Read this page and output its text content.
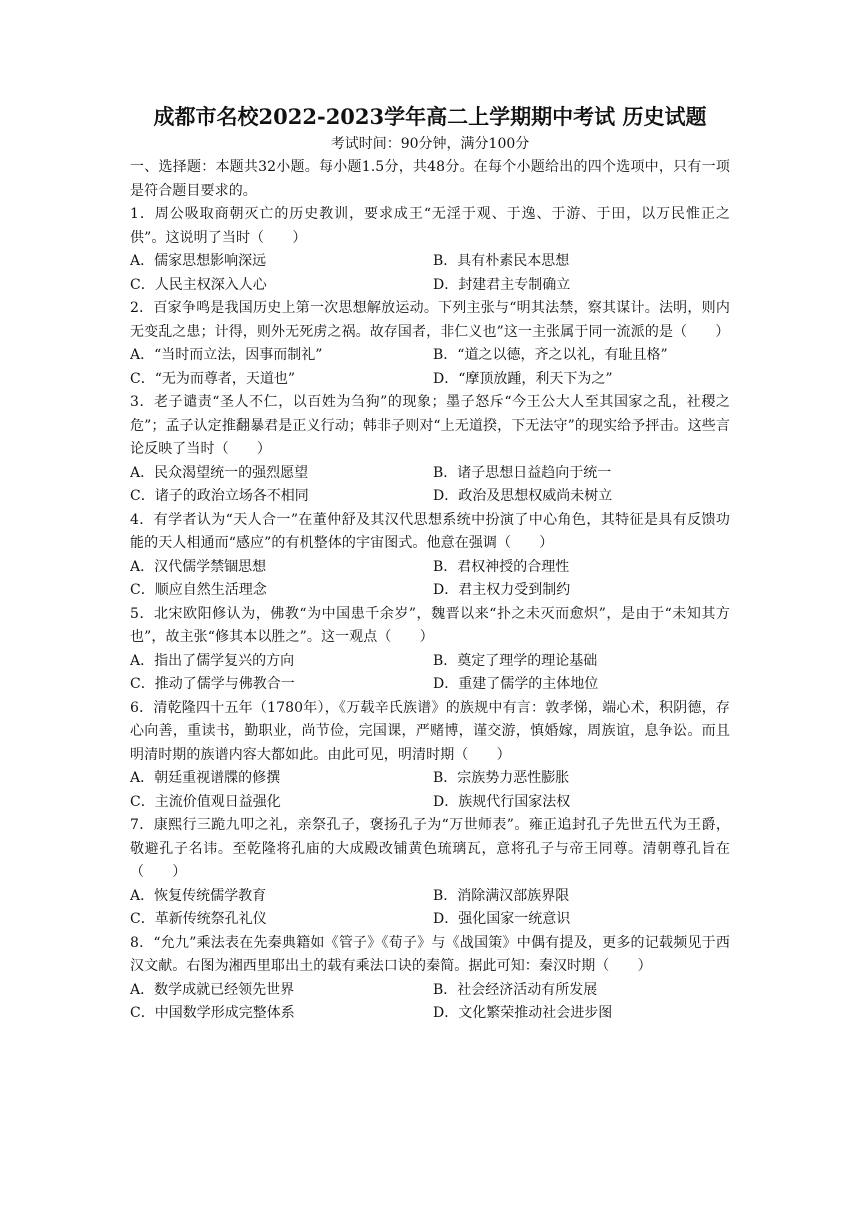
成都市名校2022-2023学年高二上学期期中考试 历史试题
考试时间：90分钟，满分100分

一、选择题：本题共32小题。每小题1.5分，共48分。在每个小题给出的四个选项中，只有一项是符合题目要求的。

1．周公吸取商朝灭亡的历史教训，要求成王“无淫于观、于逸、于游、于田，以万民惟正之供”。这说明了当时（　　）

A．儒家思想影响深远	B．具有朴素民本思想
C．人民主权深入人心	D．封建君主专制确立

2．百家争鸣是我国历史上第一次思想解放运动。下列主张与“明其法禁，察其谋计。法明，则内无变乱之患；计得，则外无死虏之祸。故存国者，非仁义也”这一主张属于同一流派的是（　　）

A．“当时而立法，因事而制礼”	B．“道之以德，齐之以礼，有耻且格”
C．“无为而尊者，天道也”	D．“摩顶放踵，利天下为之”

3．老子谴责“圣人不仁，以百姓为刍狗”的现象；墨子怒斥“今王公大人至其国家之乱，社稷之危”；孟子认定推翻暴君是正义行动；韩非子则对“上无道揆，下无法守”的现实给予抨击。这些言论反映了当时（　　）

A．民众渴望统一的强烈愿望	B．诸子思想日益趋向于统一
C．诸子的政治立场各不相同	D．政治及思想权威尚未树立

4．有学者认为“天人合一”在董仲舒及其汉代思想系统中扮演了中心角色，其特征是具有反馈功能的天人相通而“感应”的有机整体的宇宙图式。他意在强调（　　）

A．汉代儒学禁锢思想	B．君权神授的合理性
C．顺应自然生活理念	D．君主权力受到制约

5．北宋欧阳修认为，佛教“为中国患千余岁”，魏晋以来“扑之未灭而愈炽”，是由于“未知其方也”，故主张“修其本以胜之”。这一观点（　　）

A．指出了儒学复兴的方向	B．奠定了理学的理论基础
C．推动了儒学与佛教合一	D．重建了儒学的主体地位

6．清乾隆四十五年（1780年），《万载辛氏族谱》的族规中有言：敦孝悌，端心术，积阴德，存心向善，重读书，勤职业，尚节俭，完国课，严赌博，谨交游，慎婚嫁，周族谊，息争讼。而且明清时期的族谱内容大都如此。由此可见，明清时期（　　）

A．朝廷重视谱牒的修撰	B．宗族势力恶性膨胀
C．主流价值观日益强化	D．族规代行国家法权

7．康熙行三跪九叩之礼，亲祭孔子，褒扬孔子为“万世师表”。雍正追封孔子先世五代为王爵，敬避孔子名讳。至乾隆将孔庙的大成殿改铺黄色琉璃瓦，意将孔子与帝王同尊。清朝尊孔旨在（　　）

A．恢复传统儒学教育	B．消除满汉部族界限
C．革新传统祭孔礼仪	D．强化国家一统意识

8．“允九”乘法表在先秦典籍如《管子》《荀子》与《战国策》中偶有提及，更多的记载频见于西汉文献。右图为湘西里耶出土的载有乘法口诀的秦简。据此可知：秦汉时期（　　）

A．数学成就已经领先世界	B．社会经济活动有所发展
C．中国数学形成完整体系	D．文化繁荣推动社会进步图
